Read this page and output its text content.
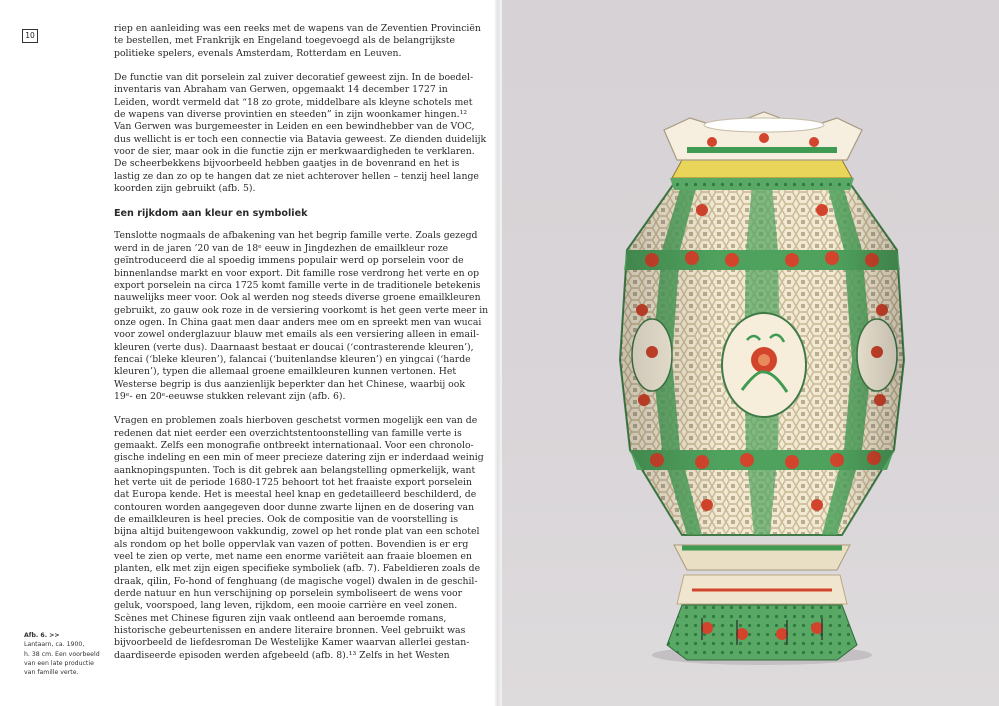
10
riep en aanleiding was een reeks met de wapens van de Zeventien Provinciën
te bestellen, met Frankrijk en Engeland toegevoegd als de belangrijkste
politieke spelers, evenals Amsterdam, Rotterdam en Leuven.
De functie van dit porselein zal zuiver decoratief geweest zijn. In de boedel-
inventaris van Abraham van Gerwen, opgemaakt 14 december 1727 in
Leiden, wordt vermeld dat “18 zo grote, middelbare als kleyne schotels met
de wapens van diverse provintien en steeden” in zijn woonkamer hingen.¹²
Van Gerwen was burgemeester in Leiden en een bewindhebber van de VOC,
dus wellicht is er toch een connectie via Batavia geweest. Ze dienden duidelijk
voor de sier, maar ook in die functie zijn er merkwaardigheden te verklaren.
De scheerbekkens bijvoorbeeld hebben gaatjes in de bovenrand en het is
lastig ze dan zo op te hangen dat ze niet achterover hellen – tenzij heel lange
koorden zijn gebruikt (afb. 5).
Een rijkdom aan kleur en symboliek
Tenslotte nogmaals de afbakening van het begrip famille verte. Zoals gezegd
werd in de jaren ’20 van de 18ᵉ eeuw in Jingdezhen de emailkleur roze
geïntroduceerd die al spoedig immens populair werd op porselein voor de
binnenlandse markt en voor export. Dit famille rose verdrong het verte en op
export porselein na circa 1725 komt famille verte in de traditionele betekenis
nauwelijks meer voor. Ook al werden nog steeds diverse groene emailkleuren
gebruikt, zo gauw ook roze in de versiering voorkomt is het geen verte meer in
onze ogen. In China gaat men daar anders mee om en spreekt men van wucai
voor zowel onderglazuur blauw met emails als een versiering alleen in email-
kleuren (verte dus). Daarnaast bestaat er doucai (‘contrasterende kleuren’),
fencai (‘bleke kleuren’), falancai (‘buitenlandse kleuren’) en yingcai (‘harde
kleuren’), typen die allemaal groene emailkleuren kunnen vertonen. Het
Westerse begrip is dus aanzienlijk beperkter dan het Chinese, waarbij ook
19ᵉ- en 20ᵉ-eeuwse stukken relevant zijn (afb. 6).
Vragen en problemen zoals hierboven geschetst vormen mogelijk een van de
redenen dat niet eerder een overzichtstentoonstelling van famille verte is
gemaakt. Zelfs een monografie ontbreekt internationaal. Voor een chronolo-
gische indeling en een min of meer precieze datering zijn er inderdaad weinig
aanknopingspunten. Toch is dit gebrek aan belangstelling opmerkelijk, want
het verte uit de periode 1680-1725 behoort tot het fraaiste export porselein
dat Europa kende. Het is meestal heel knap en gedetailleerd beschilderd, de
contouren worden aangegeven door dunne zwarte lijnen en de dosering van
de emailkleuren is heel precies. Ook de compositie van de voorstelling is
bijna altijd buitengewoon vakkundig, zowel op het ronde plat van een schotel
als rondom op het bolle oppervlak van vazen of potten. Bovendien is er erg
veel te zien op verte, met name een enorme variëteit aan fraaie bloemen en
planten, elk met zijn eigen specifieke symboliek (afb. 7). Fabeldieren zoals de
draak, qilin, Fo-hond of fenghuang (de magische vogel) dwalen in de geschil-
derde natuur en hun verschijning op porselein symboliseert de wens voor
geluk, voorspoed, lang leven, rijkdom, een mooie carrière en veel zonen.
Scènes met Chinese figuren zijn vaak ontleend aan beroemde romans,
historische gebeurtenissen en andere literaire bronnen. Veel gebruikt was
bijvoorbeeld de liefdesroman De Westelijke Kamer waarvan allerlei gestan-
daardiseerde episoden werden afgebeeld (afb. 8).¹³ Zelfs in het Westen
Afb. 6. >>
Lantaarn, ca. 1900,
h. 38 cm. Een voorbeeld
van een late productie
van famille verte.
